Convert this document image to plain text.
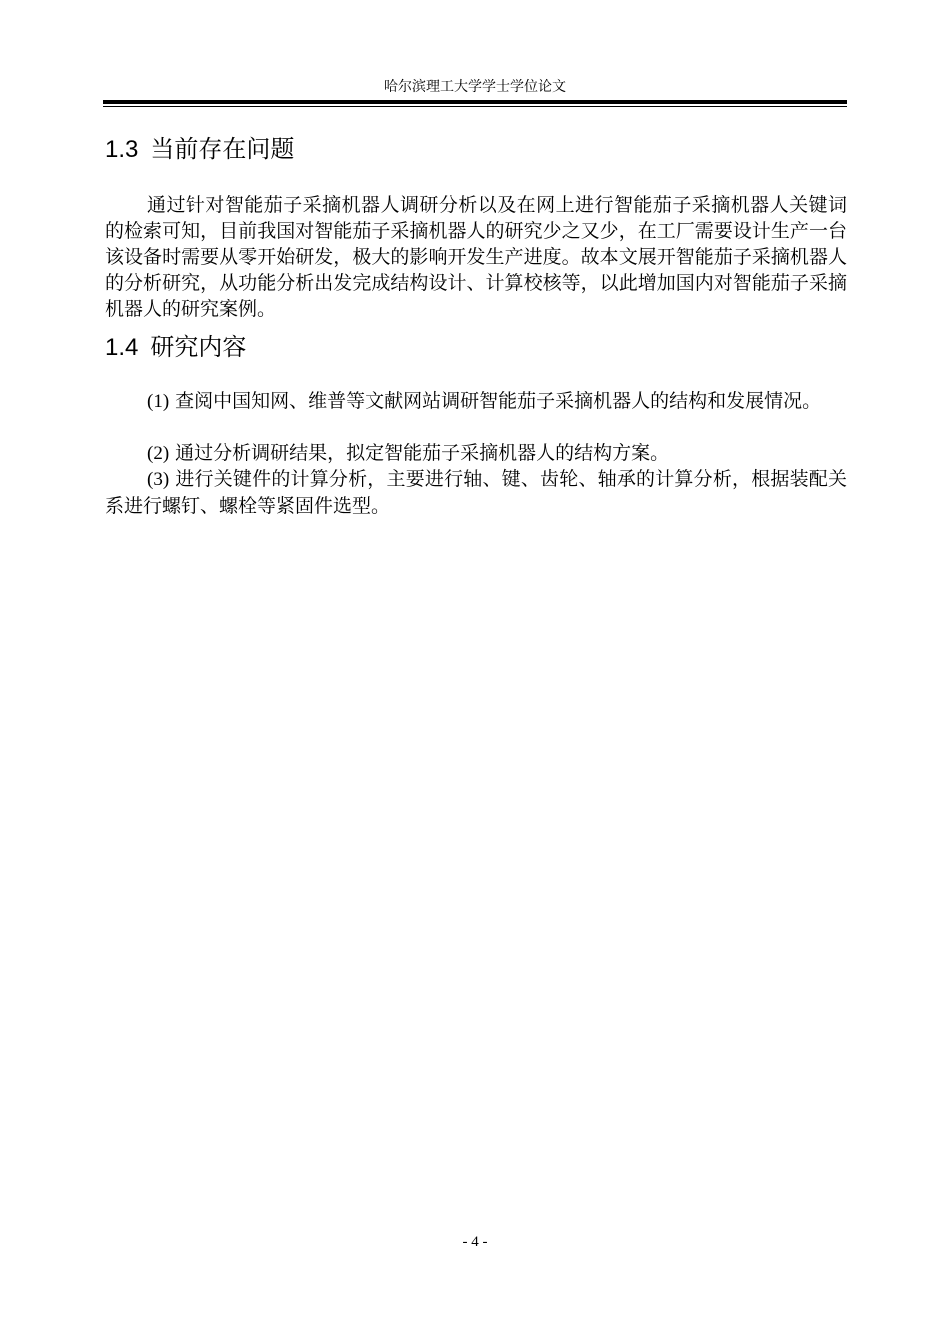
哈尔滨理工大学学士学位论文
1.3 当前存在问题
通过针对智能茄子采摘机器人调研分析以及在网上进行智能茄子采摘机器人关键词的检索可知，目前我国对智能茄子采摘机器人的研究少之又少，在工厂需要设计生产一台该设备时需要从零开始研发，极大的影响开发生产进度。故本文展开智能茄子采摘机器人的分析研究，从功能分析出发完成结构设计、计算校核等，以此增加国内对智能茄子采摘机器人的研究案例。
1.4 研究内容
(1) 查阅中国知网、维普等文献网站调研智能茄子采摘机器人的结构和发展情况。
(2) 通过分析调研结果，拟定智能茄子采摘机器人的结构方案。
(3) 进行关键件的计算分析，主要进行轴、键、齿轮、轴承的计算分析，根据装配关系进行螺钉、螺栓等紧固件选型。
- 4 -
